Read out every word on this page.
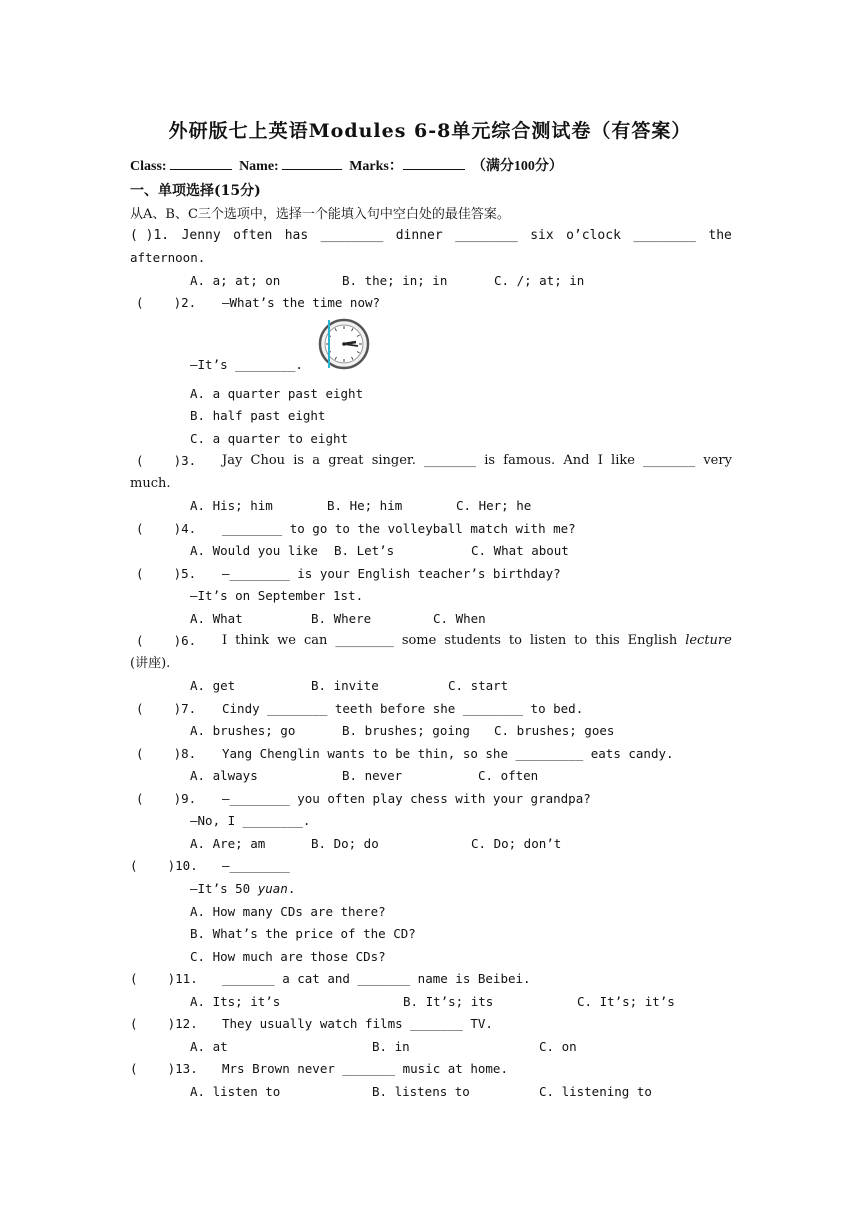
外研版七上英语Modules 6-8单元综合测试卷（有答案）
Class:	Name:	Marks：	（满分100分）
一、单项选择(15分)
从A、B、C三个选项中，选择一个能填入句中空白处的最佳答案。
( )1. Jenny often has ________ dinner ________ six o’clock ________ the
afternoon.
A. a; at; on	B. the; in; in	C. /; at; in
(    )2. —What’s the time now?
—It’s ________.
A. a quarter past eight
B. half past eight
C. a quarter to eight
(    )3. Jay Chou is a great singer. ________ is famous. And I like ________ very
much.
A. His; him	B. He; him	C. Her; he
(    )4. ________ to go to the volleyball match with me?
A. Would you like B. Let’s	C. What about
(    )5. —________ is your English teacher’s birthday?
—It’s on September 1st.
A. What	B. Where	C. When
(    )6. I think we can _________ some students to listen to this English lecture
(讲座).
A. get	B. invite	C. start
(    )7. Cindy ________ teeth before she ________ to bed.
A. brushes; go	B. brushes; going C. brushes; goes
(    )8. Yang Chenglin wants to be thin, so she _________ eats candy.
A. always	B. never	C. often
(    )9. —________ you often play chess with your grandpa?
—No, I ________.
A. Are; am	B. Do; do	C. Do; don’t
(    )10. —________
—It’s 50 yuan.
A. How many CDs are there?
B. What’s the price of the CD?
C. How much are those CDs?
(    )11. _______ a cat and _______ name is Beibei.
A. Its; it’s	B. It’s; its	C. It’s; it’s
(    )12. They usually watch films _______ TV.
A. at	B. in	C. on
(    )13. Mrs Brown never _______ music at home.
A. listen to	B. listens to	C. listening to
